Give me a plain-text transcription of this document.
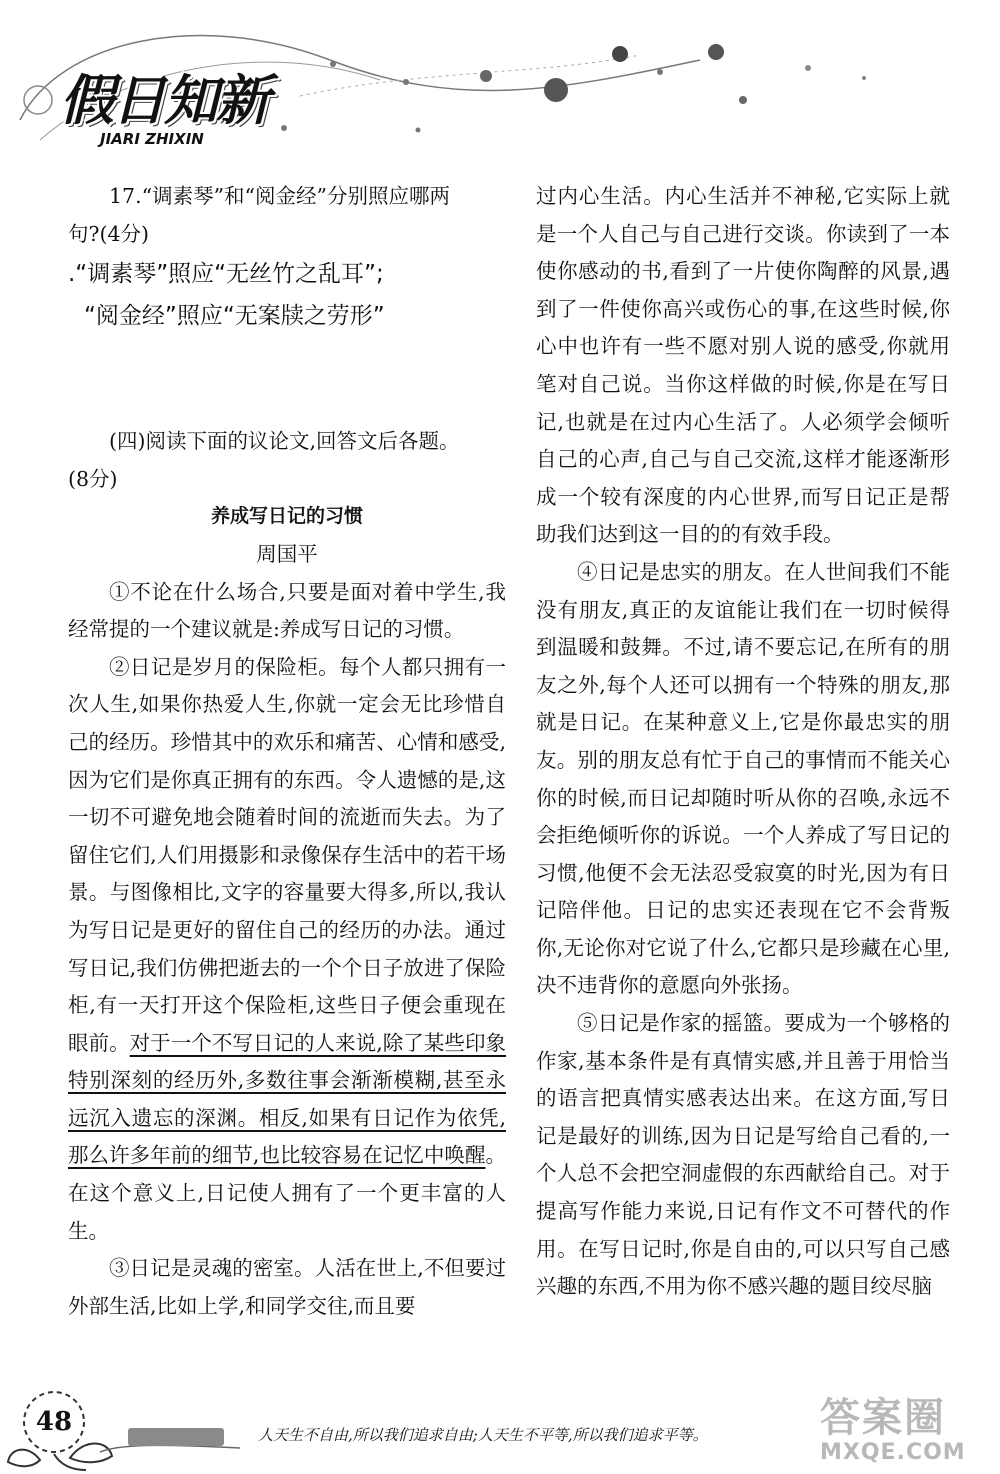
假日知新
JIARI ZHIXIN

17.“调素琴”和“阅金经”分别照应哪两

句?(4分)

.“调素琴”照应“无丝竹之乱耳”;

“阅金经”照应“无案牍之劳形”

(四)阅读下面的议论文,回答文后各题。

(8分)

养成写日记的习惯

周国平

①不论在什么场合,只要是面对着中学生,我经常提的一个建议就是:养成写日记的习惯。

②日记是岁月的保险柜。每个人都只拥有一次人生,如果你热爱人生,你就一定会无比珍惜自己的经历。珍惜其中的欢乐和痛苦、心情和感受,因为它们是你真正拥有的东西。令人遗憾的是,这一切不可避免地会随着时间的流逝而失去。为了留住它们,人们用摄影和录像保存生活中的若干场景。与图像相比,文字的容量要大得多,所以,我认为写日记是更好的留住自己的经历的办法。通过写日记,我们仿佛把逝去的一个个日子放进了保险柜,有一天打开这个保险柜,这些日子便会重现在眼前。对于一个不写日记的人来说,除了某些印象特别深刻的经历外,多数往事会渐渐模糊,甚至永远沉入遗忘的深渊。相反,如果有日记作为依凭,那么许多年前的细节,也比较容易在记忆中唤醒。在这个意义上,日记使人拥有了一个更丰富的人生。

③日记是灵魂的密室。人活在世上,不但要过外部生活,比如上学,和同学交往,而且要

过内心生活。内心生活并不神秘,它实际上就是一个人自己与自己进行交谈。你读到了一本使你感动的书,看到了一片使你陶醉的风景,遇到了一件使你高兴或伤心的事,在这些时候,你心中也许有一些不愿对别人说的感受,你就用笔对自己说。当你这样做的时候,你是在写日记,也就是在过内心生活了。人必须学会倾听自己的心声,自己与自己交流,这样才能逐渐形成一个较有深度的内心世界,而写日记正是帮助我们达到这一目的的有效手段。

④日记是忠实的朋友。在人世间我们不能没有朋友,真正的友谊能让我们在一切时候得到温暖和鼓舞。不过,请不要忘记,在所有的朋友之外,每个人还可以拥有一个特殊的朋友,那就是日记。在某种意义上,它是你最忠实的朋友。别的朋友总有忙于自己的事情而不能关心你的时候,而日记却随时听从你的召唤,永远不会拒绝倾听你的诉说。一个人养成了写日记的习惯,他便不会无法忍受寂寞的时光,因为有日记陪伴他。日记的忠实还表现在它不会背叛你,无论你对它说了什么,它都只是珍藏在心里,决不违背你的意愿向外张扬。

⑤日记是作家的摇篮。要成为一个够格的作家,基本条件是有真情实感,并且善于用恰当的语言把真情实感表达出来。在这方面,写日记是最好的训练,因为日记是写给自己看的,一个人总不会把空洞虚假的东西献给自己。对于提高写作能力来说,日记有作文不可替代的作用。在写日记时,你是自由的,可以只写自己感兴趣的东西,不用为你不感兴趣的题目绞尽脑

48	人天生不自由,所以我们追求自由;人天生不平等,所以我们追求平等。	答案圈
MXQE.COM
